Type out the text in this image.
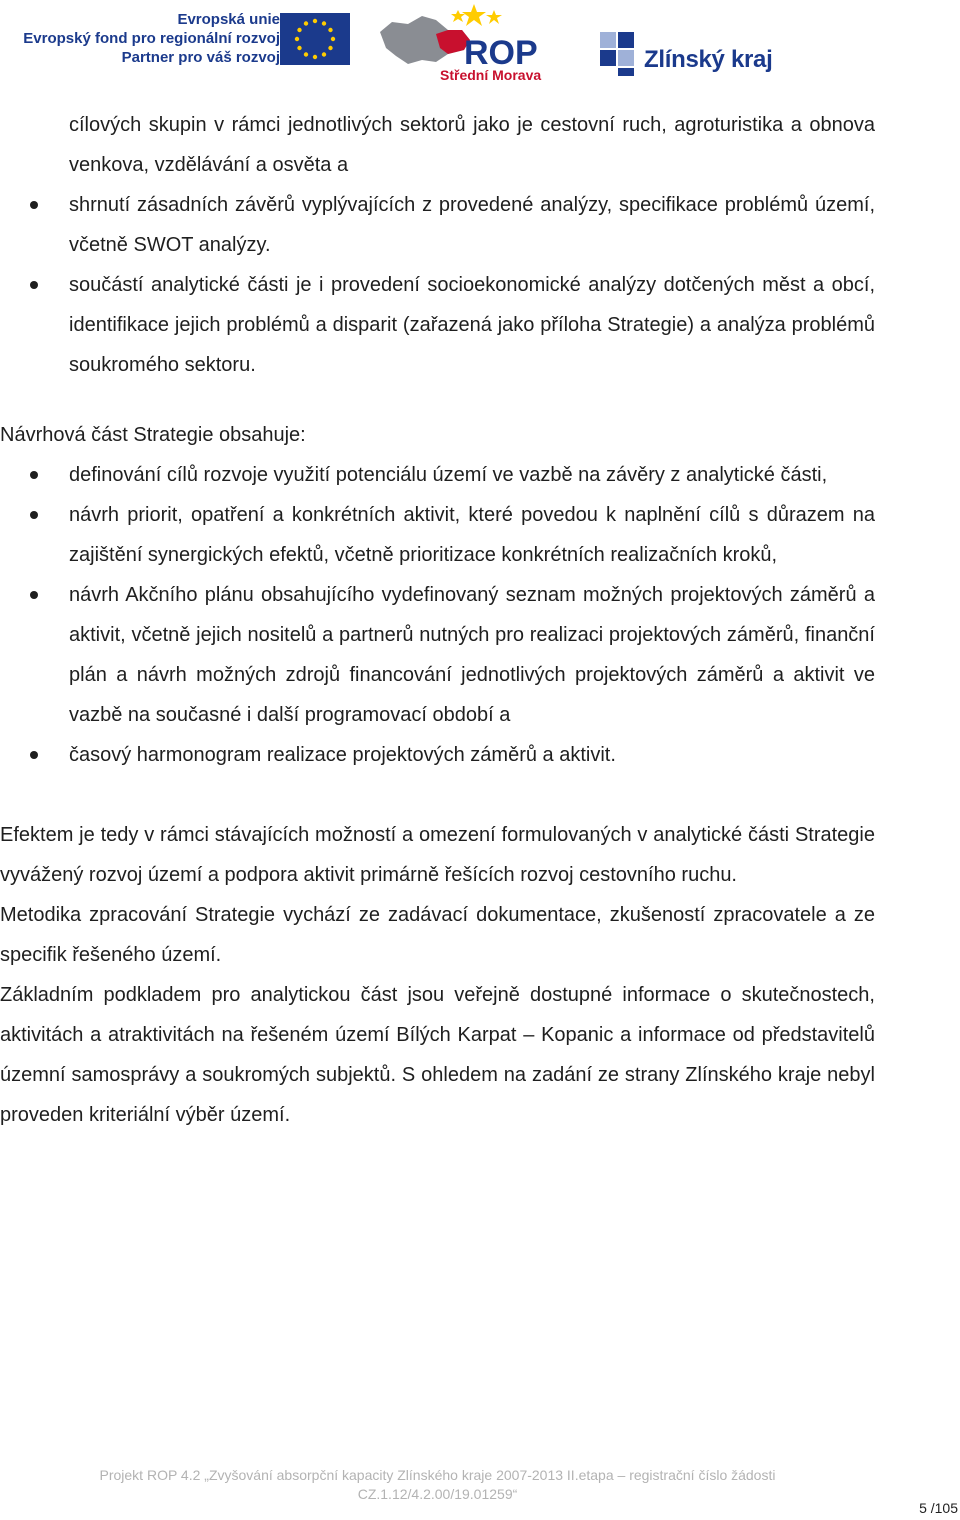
Evropská unie
Evropský fond pro regionální rozvoj
Partner pro váš rozvoj	ROP
Střední Morava
Zlínský kraj

cílových skupin v rámci jednotlivých sektorů jako je cestovní ruch, agroturistika a obnova venkova, vzdělávání a osvěta a

shrnutí zásadních závěrů vyplývajících z provedené analýzy, specifikace problémů území, včetně SWOT analýzy.
součástí analytické části je i provedení socioekonomické analýzy dotčených měst a obcí, identifikace jejich problémů a disparit (zařazená jako příloha Strategie) a analýza problémů soukromého sektoru.

Návrhová část Strategie obsahuje:

definování cílů rozvoje využití potenciálu území ve vazbě na závěry z analytické části,
návrh priorit, opatření a konkrétních aktivit, které povedou k naplnění cílů s důrazem na zajištění synergických efektů, včetně prioritizace konkrétních realizačních kroků,
návrh Akčního plánu obsahujícího vydefinovaný seznam možných projektových záměrů a aktivit, včetně jejich nositelů a partnerů nutných pro realizaci projektových záměrů, finanční plán a návrh možných zdrojů financování jednotlivých projektových záměrů a aktivit ve vazbě na současné i další programovací období a
časový harmonogram realizace projektových záměrů a aktivit.

Efektem je tedy v rámci stávajících možností a omezení formulovaných v analytické části Strategie vyvážený rozvoj území a podpora aktivit primárně řešících rozvoj cestovního ruchu.

Metodika zpracování Strategie vychází ze zadávací dokumentace, zkušeností zpracovatele a ze specifik řešeného území.

Základním podkladem pro analytickou část jsou veřejně dostupné informace o skutečnostech, aktivitách a atraktivitách na řešeném území Bílých Karpat – Kopanic a informace od představitelů územní samosprávy a soukromých subjektů. S ohledem na zadání ze strany Zlínského kraje nebyl proveden kriteriální výběr území.

Projekt ROP 4.2 „Zvyšování absorpční kapacity Zlínského kraje 2007-2013 II.etapa – registrační číslo žádosti
CZ.1.12/4.2.00/19.01259“
5 /105
